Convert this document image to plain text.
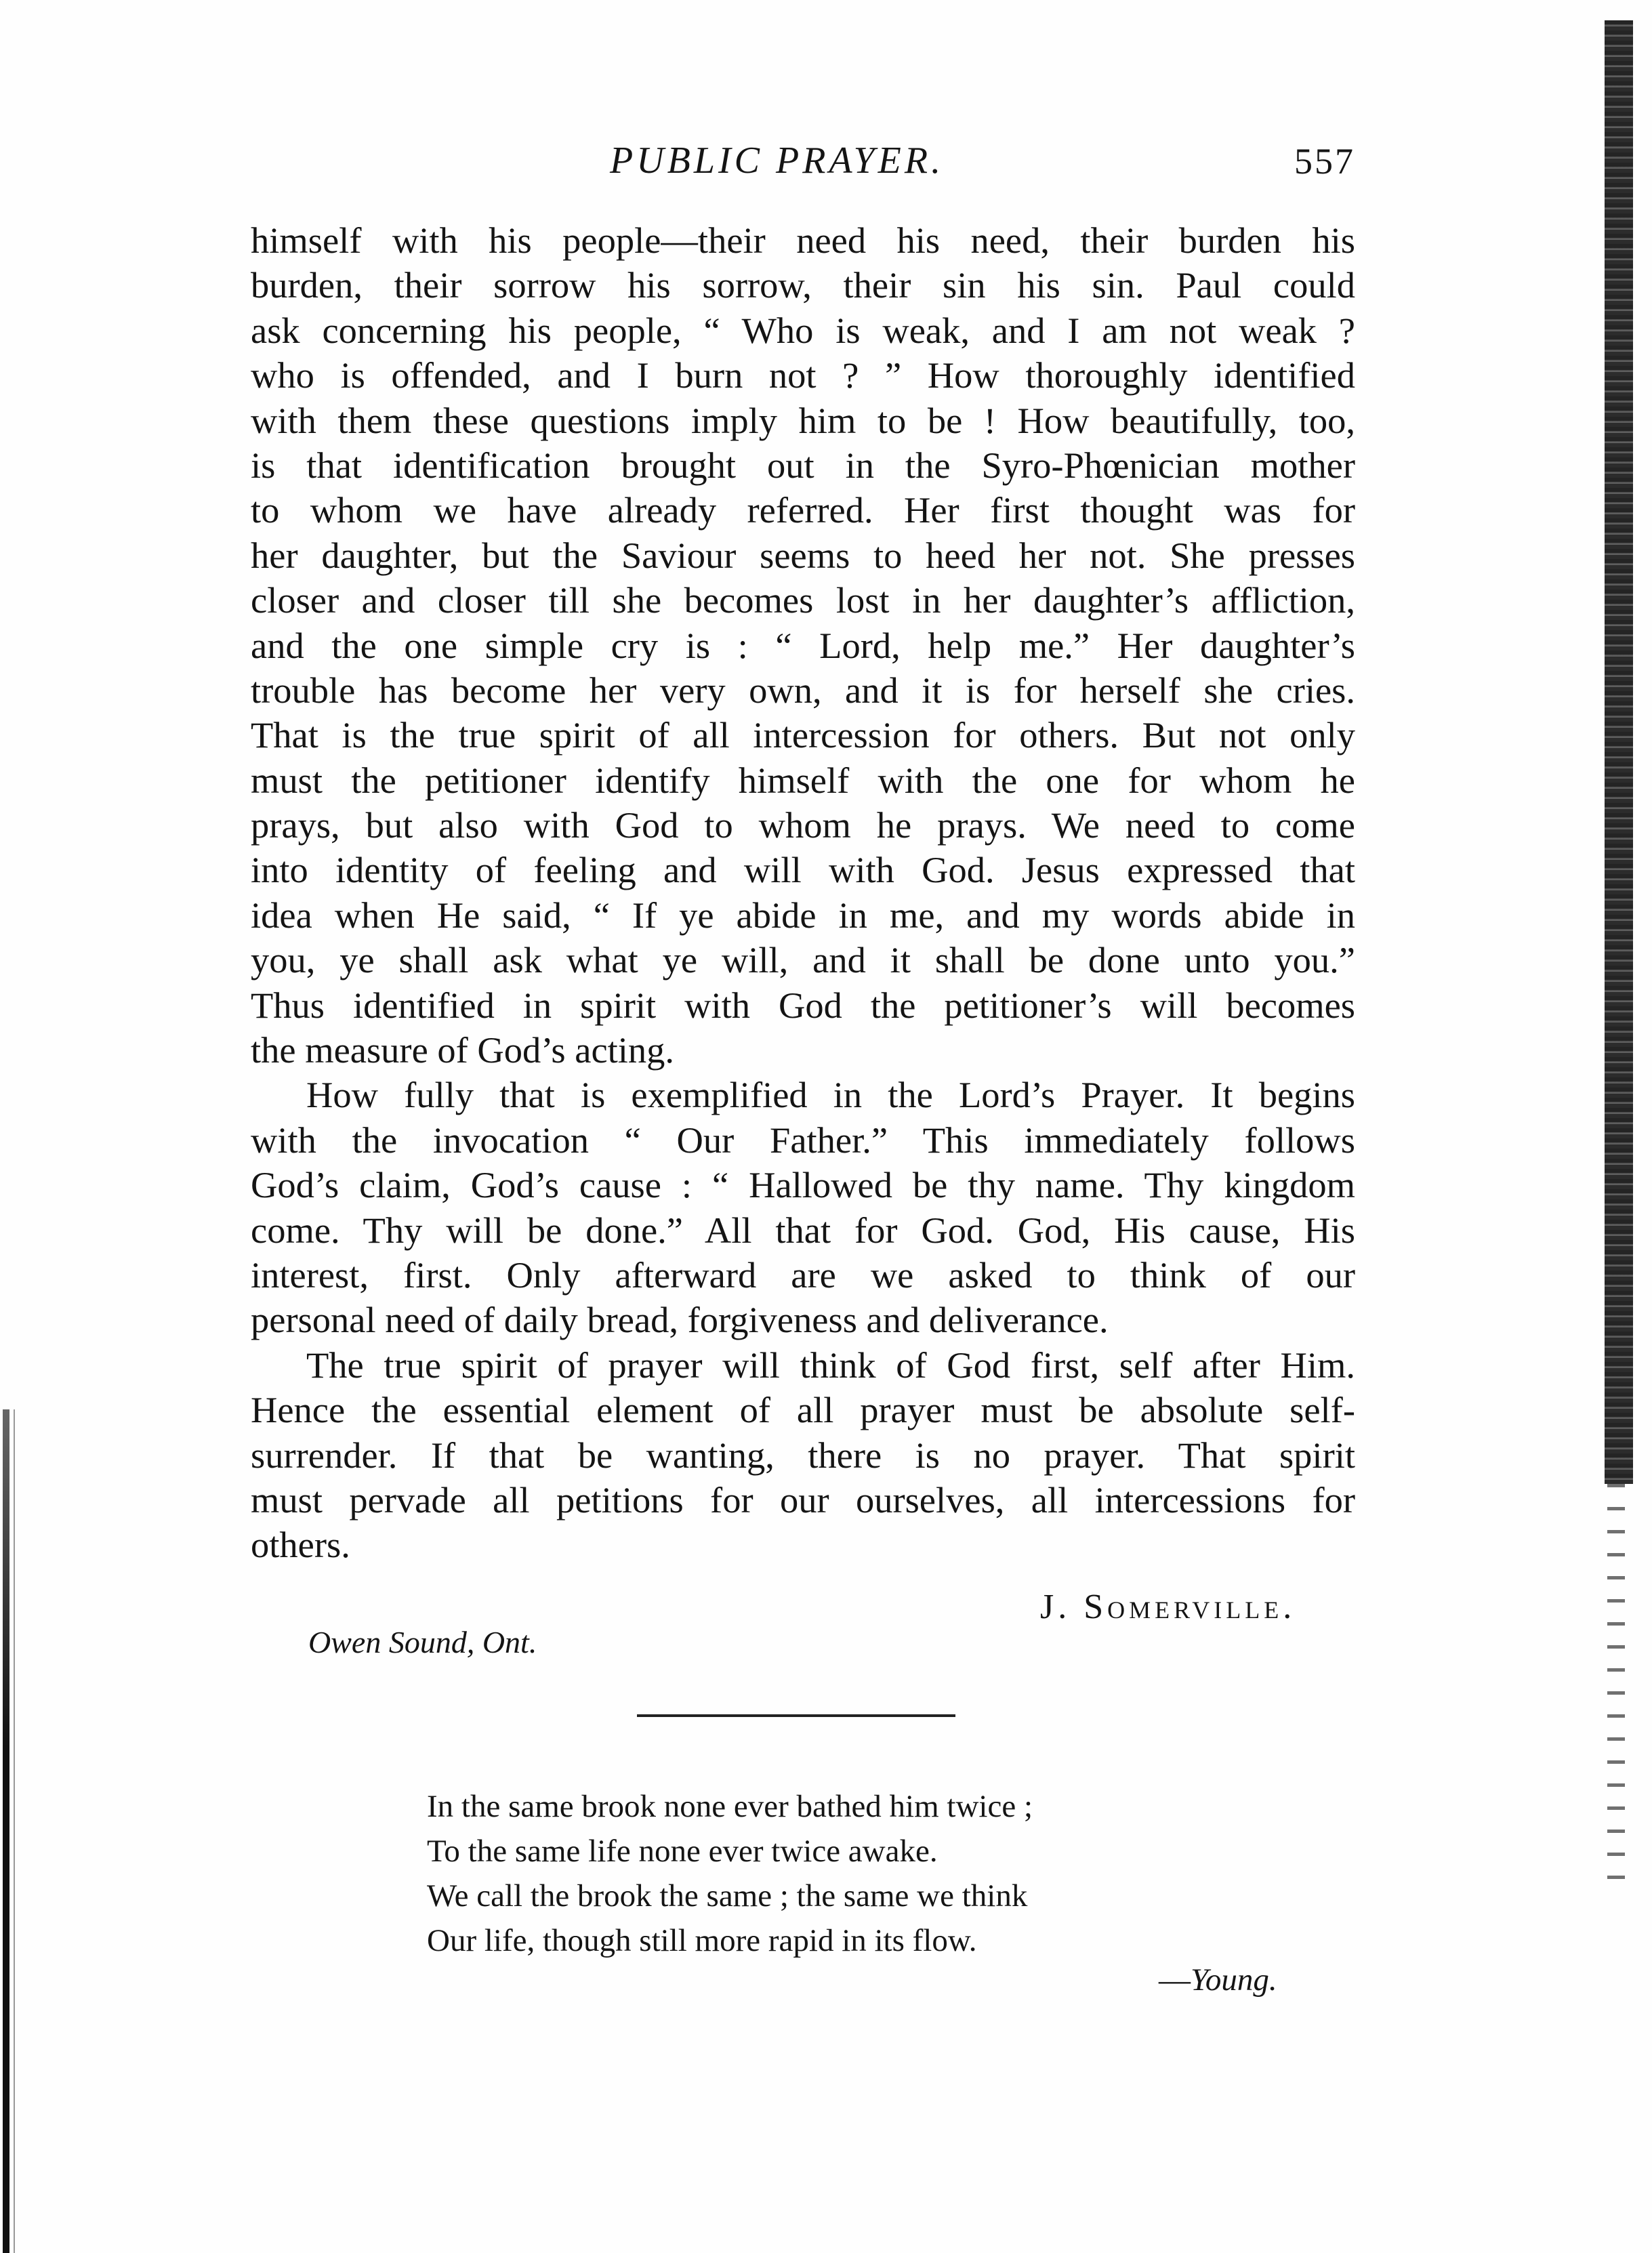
PUBLIC PRAYER.	557
himself with his people—their need his need, their burden his
burden, their sorrow his sorrow, their sin his sin. Paul could
ask concerning his people, “ Who is weak, and I am not weak ?
who is offended, and I burn not ? ” How thoroughly identified
with them these questions imply him to be ! How beautifully, too,
is that identification brought out in the Syro-Phœnician mother
to whom we have already referred. Her first thought was for
her daughter, but the Saviour seems to heed her not. She presses
closer and closer till she becomes lost in her daughter’s affliction,
and the one simple cry is : “ Lord, help me.” Her daughter’s
trouble has become her very own, and it is for herself she cries.
That is the true spirit of all intercession for others. But not only
must the petitioner identify himself with the one for whom he
prays, but also with God to whom he prays. We need to come
into identity of feeling and will with God. Jesus expressed that
idea when He said, “ If ye abide in me, and my words abide in
you, ye shall ask what ye will, and it shall be done unto you.”
Thus identified in spirit with God the petitioner’s will becomes
the measure of God’s acting.
How fully that is exemplified in the Lord’s Prayer. It begins
with the invocation “ Our Father.” This immediately follows
God’s claim, God’s cause : “ Hallowed be thy name. Thy kingdom
come. Thy will be done.” All that for God. God, His cause, His
interest, first. Only afterward are we asked to think of our
personal need of daily bread, forgiveness and deliverance.
The true spirit of prayer will think of God first, self after Him.
Hence the essential element of all prayer must be absolute self-
surrender. If that be wanting, there is no prayer. That spirit
must pervade all petitions for our ourselves, all intercessions for
others.
J. Somerville.
Owen Sound, Ont.
In the same brook none ever bathed him twice ;
To the same life none ever twice awake.
We call the brook the same ; the same we think
Our life, though still more rapid in its flow.
—Young.
